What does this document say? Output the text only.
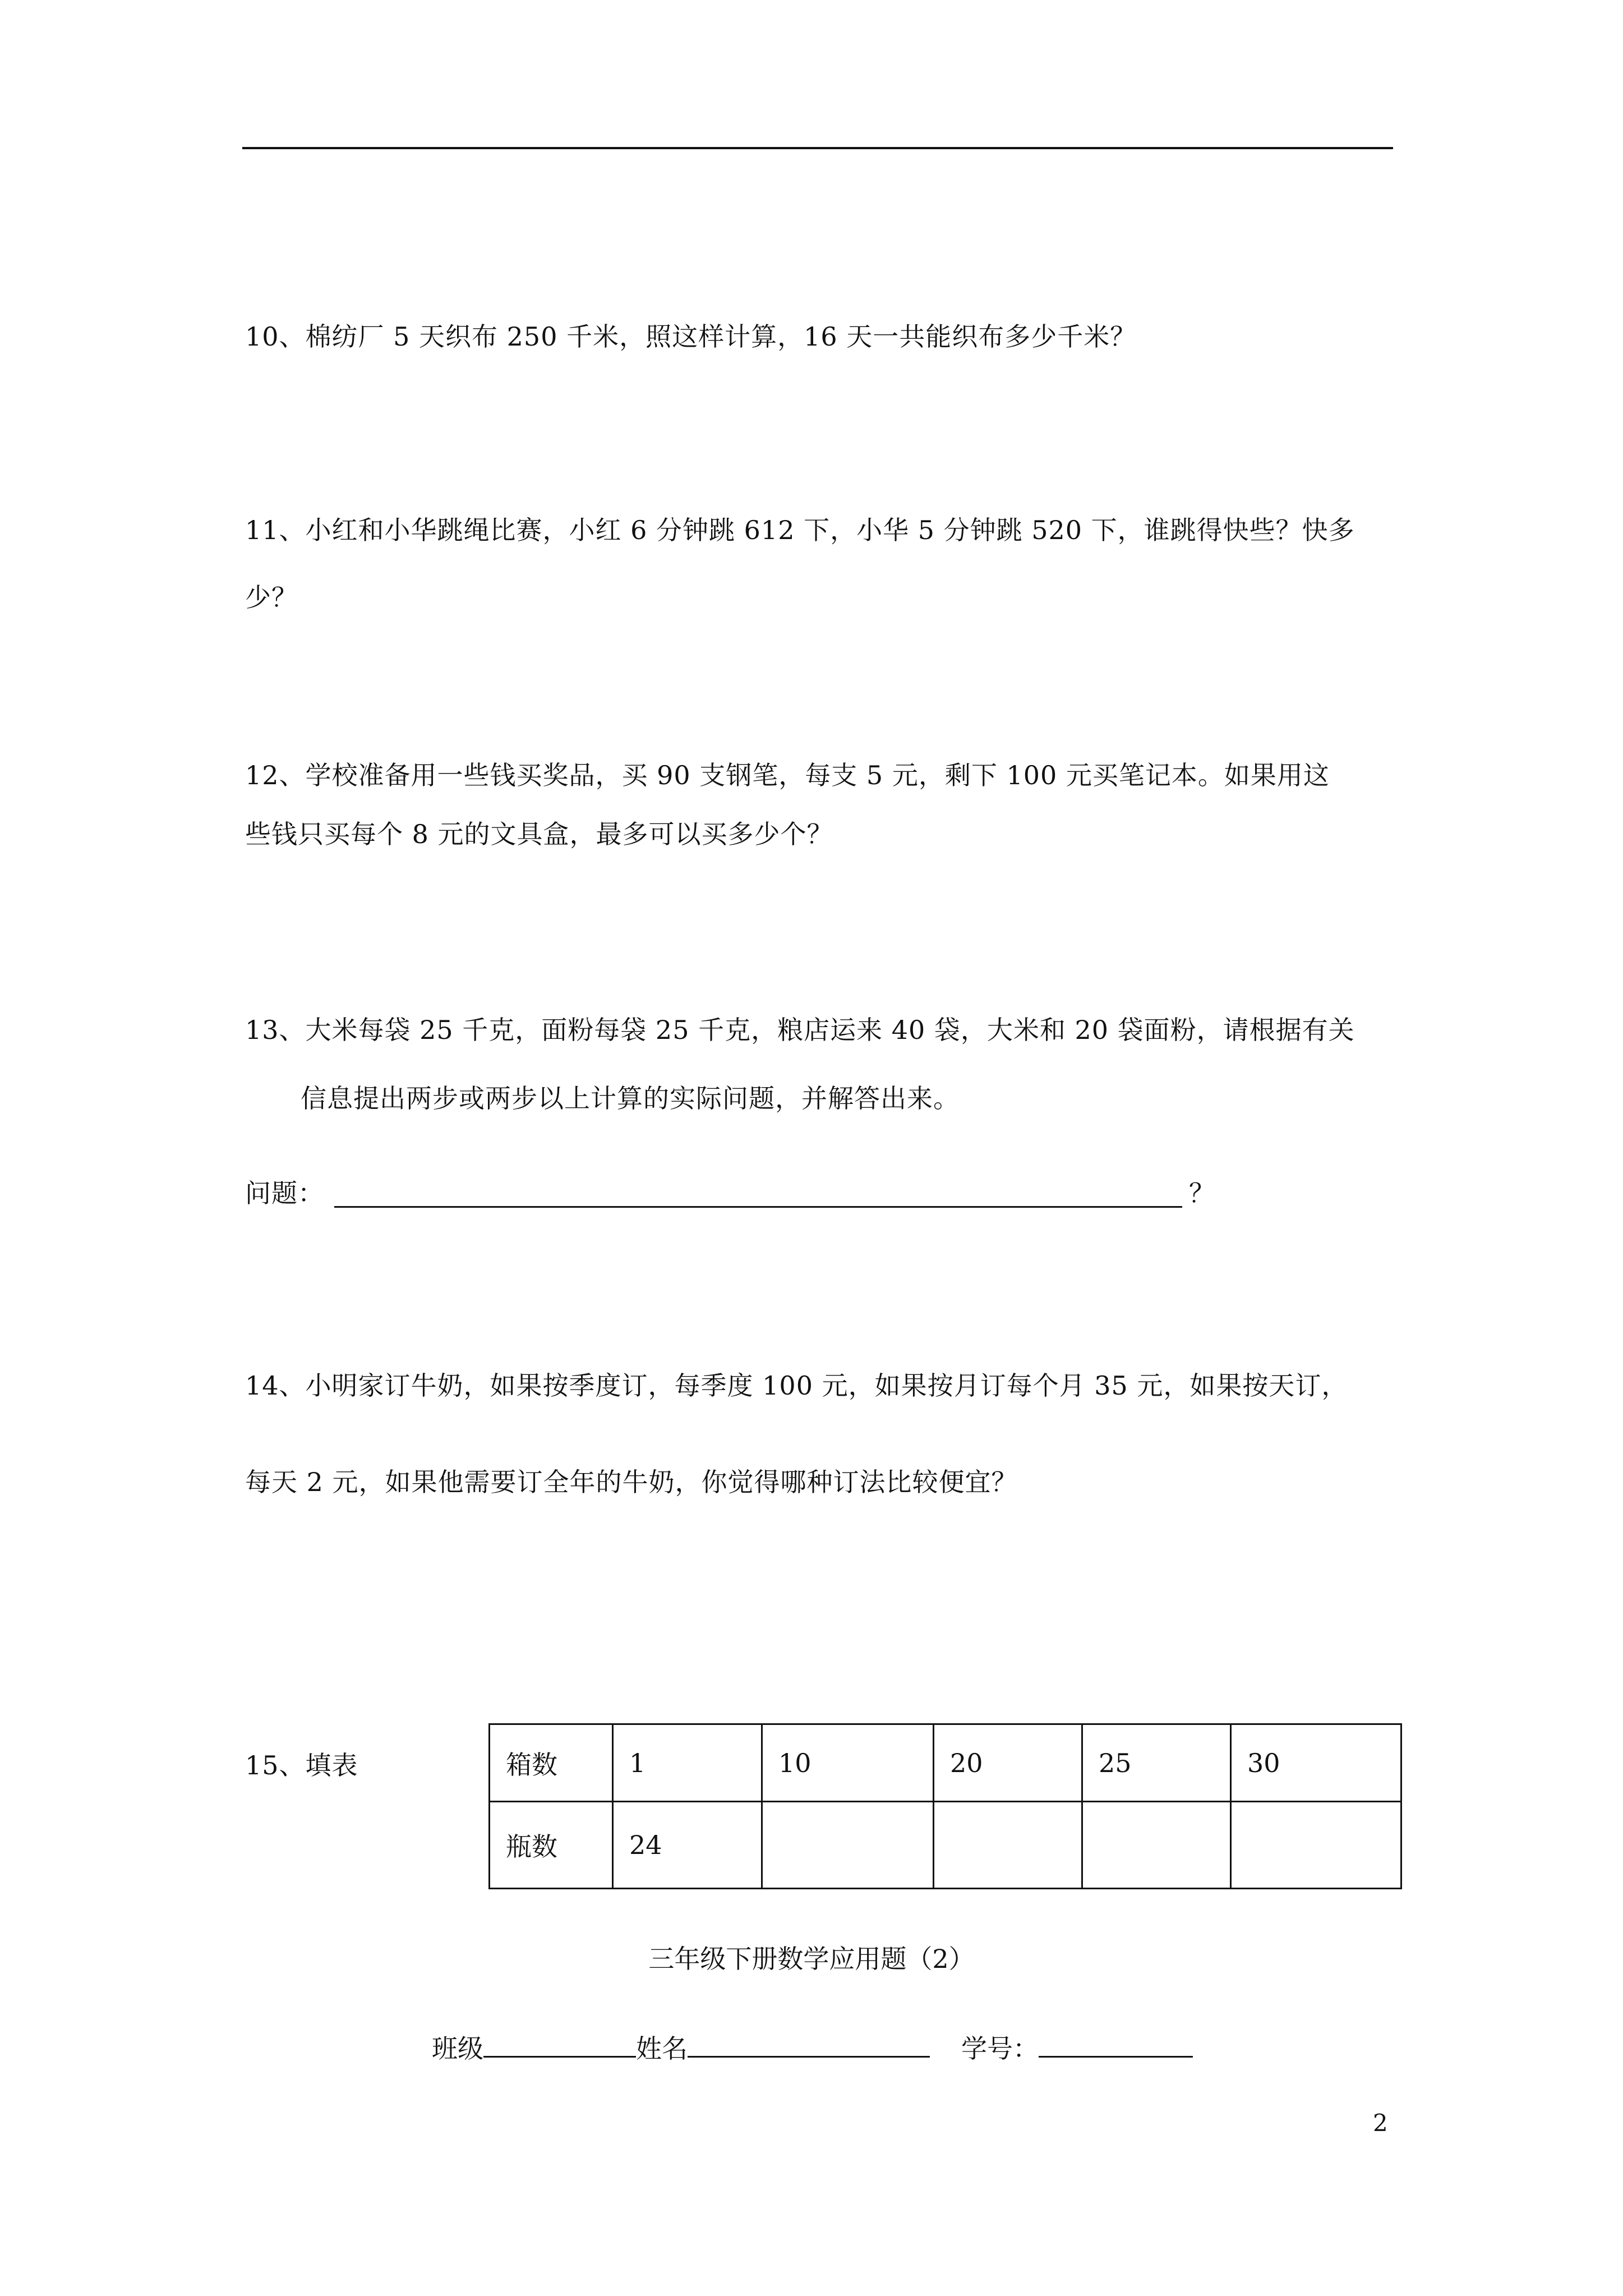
10、棉纺厂 5 天织布 250 千米，照这样计算，16 天一共能织布多少千米？
11、小红和小华跳绳比赛，小红 6 分钟跳 612 下，小华 5 分钟跳 520 下，谁跳得快些？快多
少？
12、学校准备用一些钱买奖品，买 90 支钢笔，每支 5 元，剩下 100 元买笔记本。如果用这
些钱只买每个 8 元的文具盒，最多可以买多少个？
13、大米每袋 25 千克，面粉每袋 25 千克，粮店运来 40 袋，大米和 20 袋面粉，请根据有关
信息提出两步或两步以上计算的实际问题，并解答出来。
问题：	？
14、小明家订牛奶，如果按季度订，每季度 100 元，如果按月订每个月 35 元，如果按天订，
每天 2 元，如果他需要订全年的牛奶，你觉得哪种订法比较便宜？
15、填表	箱数	1	10	20	25	30
瓶数	24				
三年级下册数学应用题（2）
班级	姓名	学号：
2
